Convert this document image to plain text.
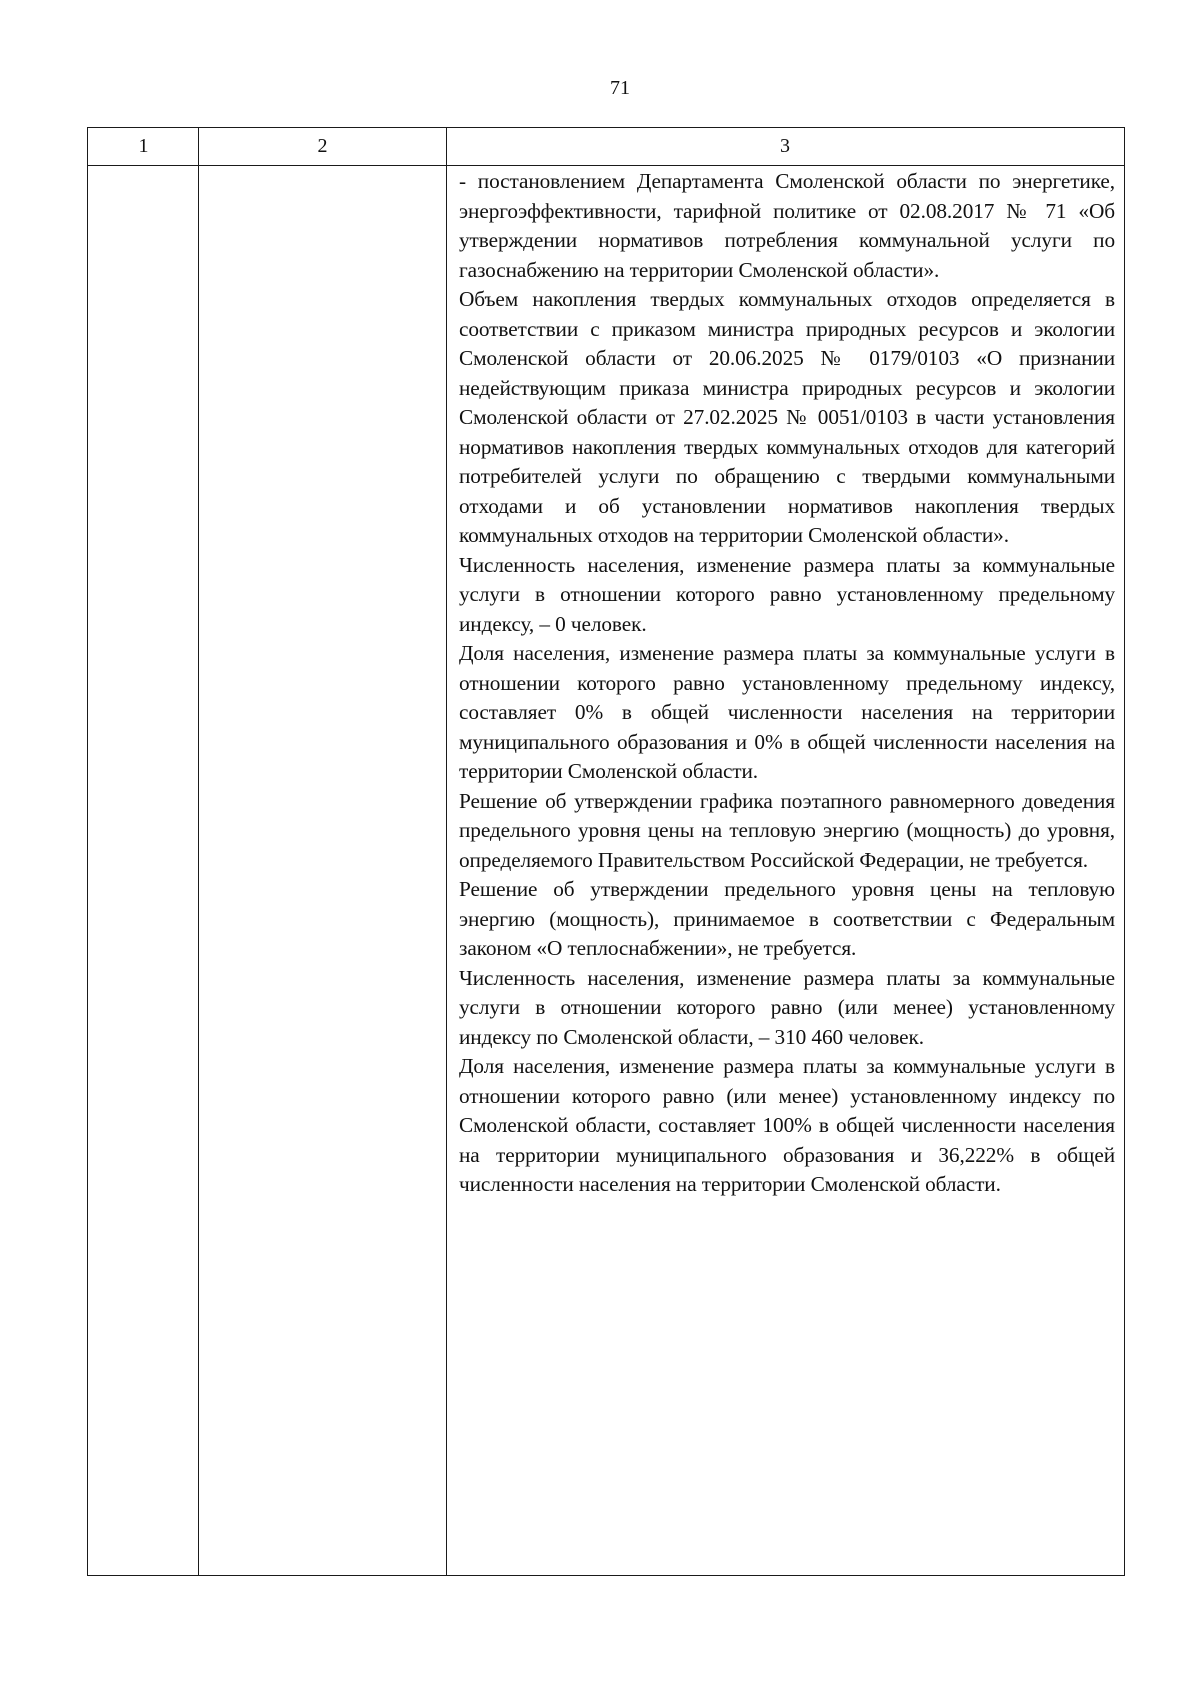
71
1	2	3

- постановлением Департамента Смоленской области по энергетике, энергоэффективности, тарифной политике от 02.08.2017 № 71 «Об утверждении нормативов потребления коммунальной услуги по газоснабжению на территории Смоленской области».

Объем накопления твердых коммунальных отходов определяется в соответствии с приказом министра природных ресурсов и экологии Смоленской области от 20.06.2025 № 0179/0103 «О признании недействующим приказа министра природных ресурсов и экологии Смоленской области от 27.02.2025 № 0051/0103 в части установления нормативов накопления твердых коммунальных отходов для категорий потребителей услуги по обращению с твердыми коммунальными отходами и об установлении нормативов накопления твердых коммунальных отходов на территории Смоленской области».

Численность населения, изменение размера платы за коммунальные услуги в отношении которого равно установленному предельному индексу, – 0 человек.

Доля населения, изменение размера платы за коммунальные услуги в отношении которого равно установленному предельному индексу, составляет 0% в общей численности населения на территории муниципального образования и 0% в общей численности населения на территории Смоленской области.

Решение об утверждении графика поэтапного равномерного доведения предельного уровня цены на тепловую энергию (мощность) до уровня, определяемого Правительством Российской Федерации, не требуется.

Решение об утверждении предельного уровня цены на тепловую энергию (мощность), принимаемое в соответствии с Федеральным законом «О теплоснабжении», не требуется.

Численность населения, изменение размера платы за коммунальные услуги в отношении которого равно (или менее) установленному индексу по Смоленской области, – 310 460 человек.

Доля населения, изменение размера платы за коммунальные услуги в отношении которого равно (или менее) установленному индексу по Смоленской области, составляет 100% в общей численности населения на территории муниципального образования и 36,222% в общей численности населения на территории Смоленской области.
